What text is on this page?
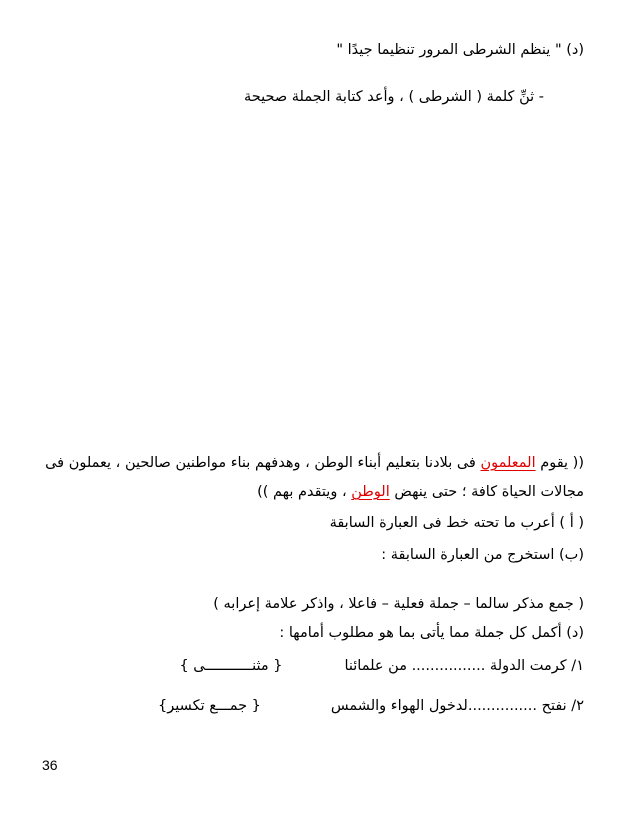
(د) " ينظم الشرطى المرور تنظيما جيدًا "
- ثنِّ كلمة ( الشرطى ) ، وأعد كتابة الجملة صحيحة
(( يقوم المعلمون فى بلادنا بتعليم أبناء الوطن ، وهدفهم بناء مواطنين صالحين ، يعملون فى
مجالات الحياة كافة ؛ حتى ينهض الوطن ، ويتقدم بهم ))
( أ ) أعرب ما تحته خط فى العبارة السابقة
(ب) استخرج من العبارة السابقة :
( جمع مذكر سالما – جملة فعلية – فاعلا ، واذكر علامة إعرابه )
(د) أكمل كل جملة مما يأتى بما هو مطلوب أمامها :
١/ كرمت الدولة ................ من علمائنا{ مثنـــــــــــى }
٢/ نفتح ...............لدخول الهواء والشمس{ جمـــع تكسير}
36
